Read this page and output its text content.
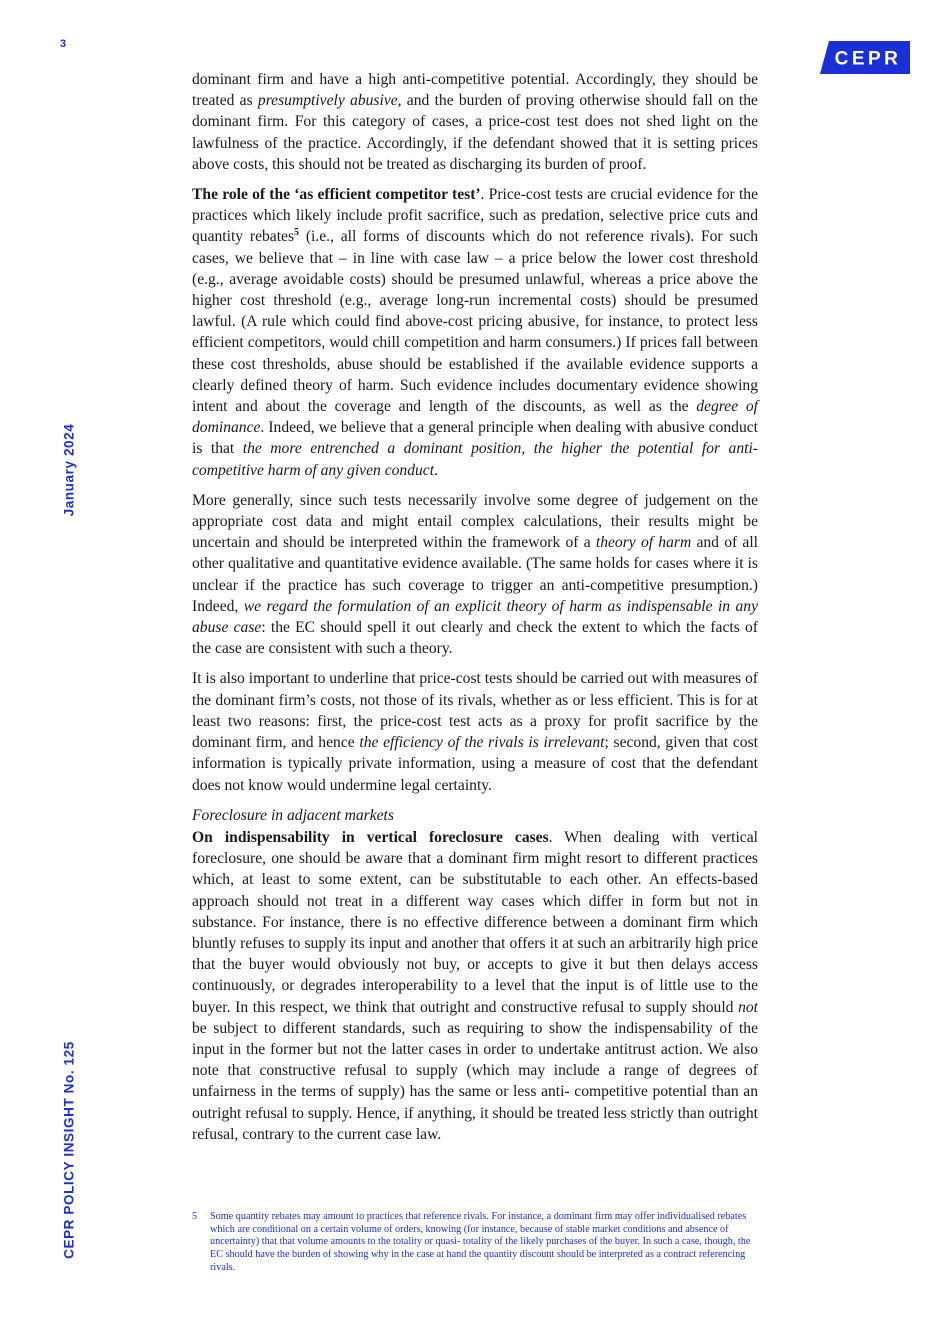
3
CEPR
January 2024
CEPR POLICY INSIGHT No. 125

dominant firm and have a high anti-competitive potential. Accordingly, they should be treated as presumptively abusive, and the burden of proving otherwise should fall on the dominant firm. For this category of cases, a price-cost test does not shed light on the lawfulness of the practice. Accordingly, if the defendant showed that it is setting prices above costs, this should not be treated as discharging its burden of proof.

The role of the ‘as efficient competitor test’. Price-cost tests are crucial evidence for the practices which likely include profit sacrifice, such as predation, selective price cuts and quantity rebates$^5$ (i.e., all forms of discounts which do not reference rivals). For such cases, we believe that – in line with case law – a price below the lower cost threshold (e.g., average avoidable costs) should be presumed unlawful, whereas a price above the higher cost threshold (e.g., average long-run incremental costs) should be presumed lawful. (A rule which could find above-cost pricing abusive, for instance, to protect less efficient competitors, would chill competition and harm consumers.) If prices fall between these cost thresholds, abuse should be established if the available evidence supports a clearly defined theory of harm. Such evidence includes documentary evidence showing intent and about the coverage and length of the discounts, as well as the degree of dominance. Indeed, we believe that a general principle when dealing with abusive conduct is that the more entrenched a dominant position, the higher the potential for anti-competitive harm of any given conduct.

More generally, since such tests necessarily involve some degree of judgement on the appropriate cost data and might entail complex calculations, their results might be uncertain and should be interpreted within the framework of a theory of harm and of all other qualitative and quantitative evidence available. (The same holds for cases where it is unclear if the practice has such coverage to trigger an anti-competitive presumption.) Indeed, we regard the formulation of an explicit theory of harm as indispensable in any abuse case: the EC should spell it out clearly and check the extent to which the facts of the case are consistent with such a theory.

It is also important to underline that price-cost tests should be carried out with measures of the dominant firm’s costs, not those of its rivals, whether as or less efficient. This is for at least two reasons: first, the price-cost test acts as a proxy for profit sacrifice by the dominant firm, and hence the efficiency of the rivals is irrelevant; second, given that cost information is typically private information, using a measure of cost that the defendant does not know would undermine legal certainty.

Foreclosure in adjacent markets

On indispensability in vertical foreclosure cases. When dealing with vertical foreclosure, one should be aware that a dominant firm might resort to different practices which, at least to some extent, can be substitutable to each other. An effects-based approach should not treat in a different way cases which differ in form but not in substance. For instance, there is no effective difference between a dominant firm which bluntly refuses to supply its input and another that offers it at such an arbitrarily high price that the buyer would obviously not buy, or accepts to give it but then delays access continuously, or degrades interoperability to a level that the input is of little use to the buyer. In this respect, we think that outright and constructive refusal to supply should not be subject to different standards, such as requiring to show the indispensability of the input in the former but not the latter cases in order to undertake antitrust action. We also note that constructive refusal to supply (which may include a range of degrees of unfairness in the terms of supply) has the same or less anti- competitive potential than an outright refusal to supply. Hence, if anything, it should be treated less strictly than outright refusal, contrary to the current case law.

5	Some quantity rebates may amount to practices that reference rivals. For instance, a dominant firm may offer individualised rebates which are conditional on a certain volume of orders, knowing (for instance, because of stable market conditions and absence of uncertainty) that that volume amounts to the totality or quasi- totality of the likely purchases of the buyer. In such a case, though, the EC should have the burden of showing why in the case at hand the quantity discount should be interpreted as a contract referencing rivals.
